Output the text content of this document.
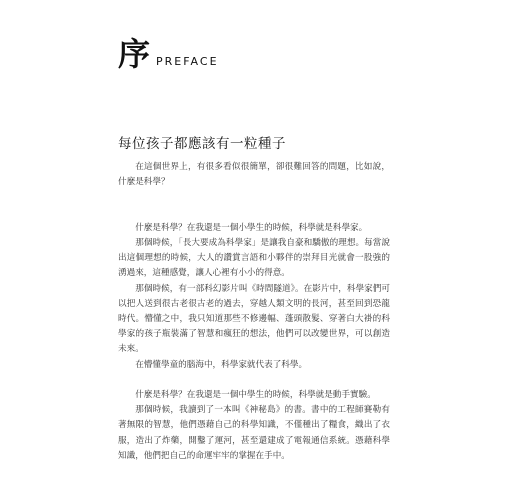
序 PREFACE
每位孩子都應該有一粒種子

在這個世界上，有很多看似很簡單，卻很難回答的問題，比如說，什麼是科學？

什麼是科學？在我還是一個小學生的時候，科學就是科學家。

那個時候，「長大要成為科學家」是讓我自豪和驕傲的理想。每當說出這個理想的時候，大人的讚賞言語和小夥伴的崇拜目光就會一股強的湧過來，這種感覺，讓人心裡有小小的得意。

那個時候，有一部科幻影片叫《時間隧道》。在影片中，科學家們可以把人送到很古老很古老的過去，穿越人類文明的長河，甚至回到恐龍時代。懵懂之中，我只知道那些不修邊幅、蓬頭散髮、穿著白大褂的科學家的孩子瓶裝滿了智慧和瘋狂的想法，他們可以改變世界，可以創造未來。

在懵懂學童的腦海中，科學家就代表了科學。

什麼是科學？在我還是一個中學生的時候，科學就是動手實驗。

那個時候，我讀到了一本叫《神秘島》的書。書中的工程師賽勒有著無限的智慧，他們憑藉自己的科學知識，不僅種出了糧食，織出了衣服，造出了炸藥，開鑿了運河，甚至還建成了電報通信系統。憑藉科學知識，他們把自己的命運牢牢的掌握在手中。
